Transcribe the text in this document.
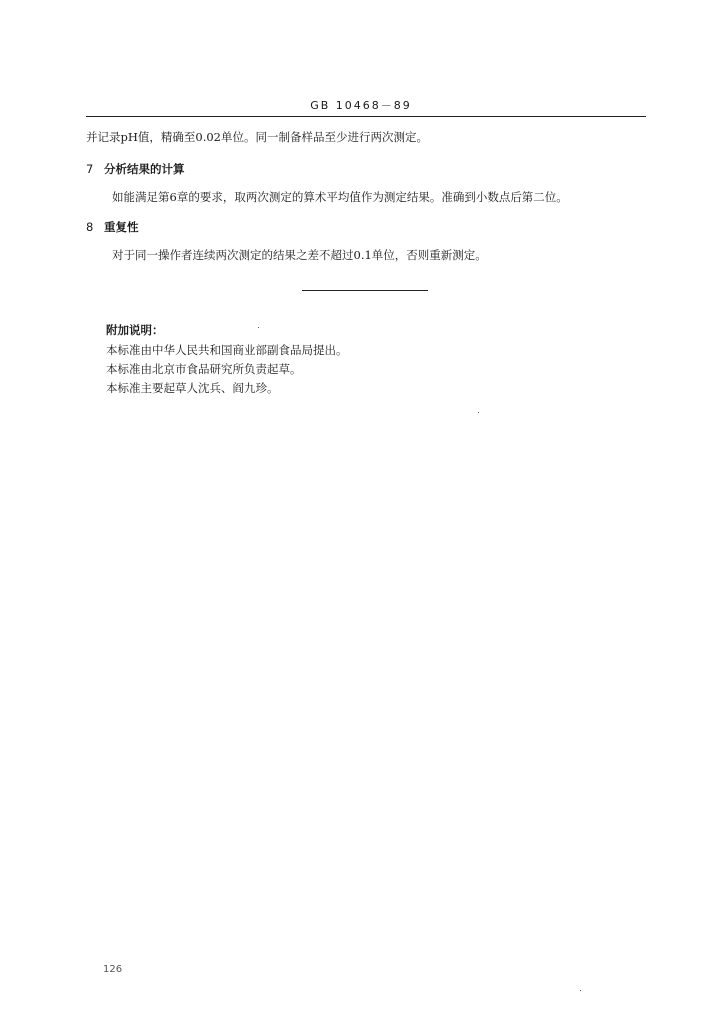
GB 10468－89
并记录pH值，精确至0.02单位。同一制备样品至少进行两次测定。
7 分析结果的计算
如能满足第6章的要求，取两次测定的算术平均值作为测定结果。准确到小数点后第二位。
8 重复性
对于同一操作者连续两次测定的结果之差不超过0.1单位，否则重新测定。
附加说明：
本标准由中华人民共和国商业部副食品局提出。
本标准由北京市食品研究所负责起草。
本标准主要起草人沈兵、阎九珍。
126
